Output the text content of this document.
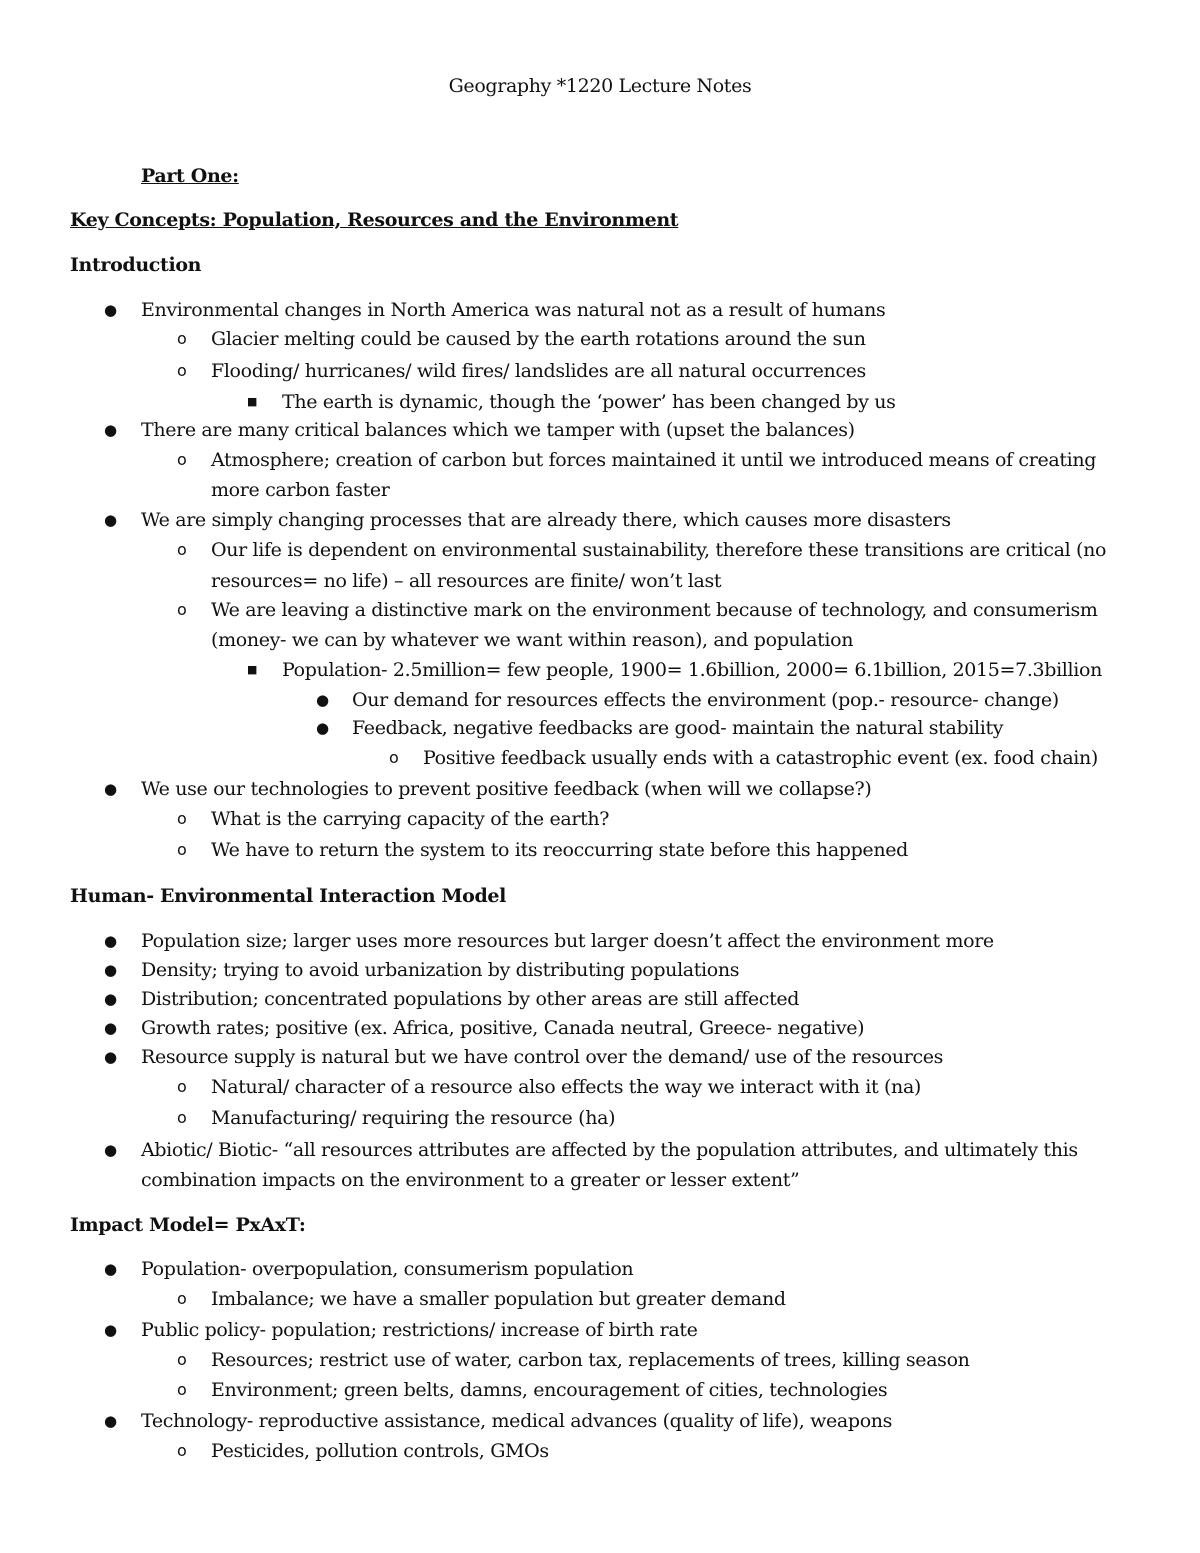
Geography *1220 Lecture Notes
Part One:
Key Concepts: Population, Resources and the Environment
Introduction
● Environmental changes in North America was natural not as a result of humans
o Glacier melting could be caused by the earth rotations around the sun
o Flooding/ hurricanes/ wild fires/ landslides are all natural occurrences
■ The earth is dynamic, though the ‘power’ has been changed by us
● There are many critical balances which we tamper with (upset the balances)
o Atmosphere; creation of carbon but forces maintained it until we introduced means of creating
more carbon faster
● We are simply changing processes that are already there, which causes more disasters
o Our life is dependent on environmental sustainability, therefore these transitions are critical (no
resources= no life) – all resources are finite/ won’t last
o We are leaving a distinctive mark on the environment because of technology, and consumerism
(money- we can by whatever we want within reason), and population
■ Population- 2.5million= few people, 1900= 1.6billion, 2000= 6.1billion, 2015=7.3billion
● Our demand for resources effects the environment (pop.- resource- change)
● Feedback, negative feedbacks are good- maintain the natural stability
o Positive feedback usually ends with a catastrophic event (ex. food chain)
● We use our technologies to prevent positive feedback (when will we collapse?)
o What is the carrying capacity of the earth?
o We have to return the system to its reoccurring state before this happened
Human- Environmental Interaction Model
● Population size; larger uses more resources but larger doesn’t affect the environment more
● Density; trying to avoid urbanization by distributing populations
● Distribution; concentrated populations by other areas are still affected
● Growth rates; positive (ex. Africa, positive, Canada neutral, Greece- negative)
● Resource supply is natural but we have control over the demand/ use of the resources
o Natural/ character of a resource also effects the way we interact with it (na)
o Manufacturing/ requiring the resource (ha)
● Abiotic/ Biotic- “all resources attributes are affected by the population attributes, and ultimately this
combination impacts on the environment to a greater or lesser extent”
Impact Model= PxAxT:
● Population- overpopulation, consumerism population
o Imbalance; we have a smaller population but greater demand
● Public policy- population; restrictions/ increase of birth rate
o Resources; restrict use of water, carbon tax, replacements of trees, killing season
o Environment; green belts, damns, encouragement of cities, technologies
● Technology- reproductive assistance, medical advances (quality of life), weapons
o Pesticides, pollution controls, GMOs
